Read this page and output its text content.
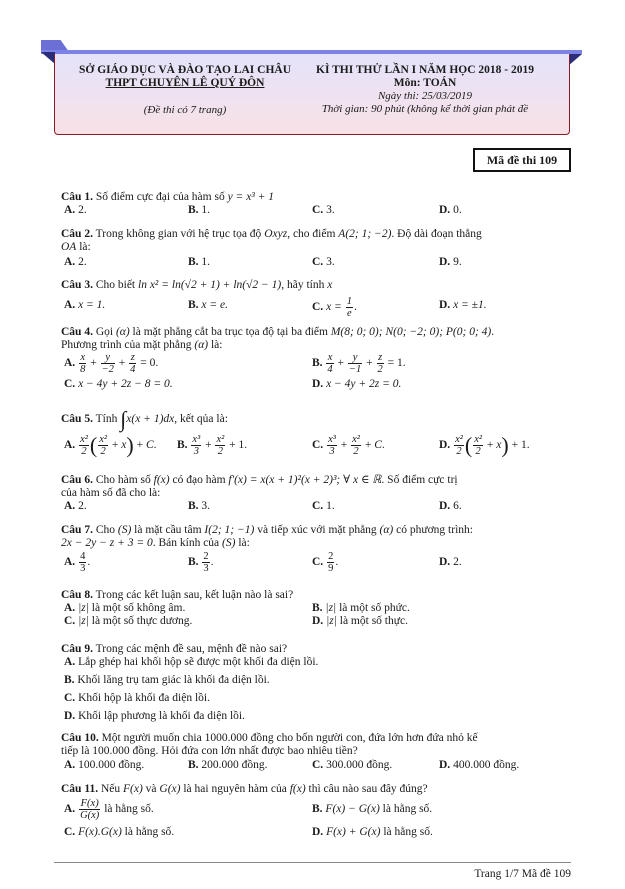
SỞ GIÁO DỤC VÀ ĐÀO TẠO LAI CHÂU
THPT CHUYÊN LÊ QUÝ ĐÔN
(Đề thi có 7 trang)
KÌ THI THỬ LẦN I NĂM HỌC 2018 - 2019
Môn: TOÁN
Ngày thi: 25/03/2019
Thời gian: 90 phút (không kể thời gian phát đề
Mã đề thi 109
Câu 1. Số điểm cực đại của hàm số y = x³ + 1
A. 2.	B. 1.	C. 3.	D. 0.
Câu 2. Trong không gian với hệ trục tọa độ Oxyz, cho điểm A(2; 1; −2). Độ dài đoạn thẳng
OA là:
A. 2.	B. 1.	C. 3.	D. 9.
Câu 3. Cho biết ln x² = ln(√2 + 1) + ln(√2 − 1), hãy tính x
A. x = 1.	B. x = e.	C. $x = \frac{1}{e}$ .	D. x = ±1.
Câu 4. Gọi (α) là mặt phẳng cắt ba trục tọa độ tại ba điểm M(8; 0; 0); N(0; −2; 0); P(0; 0; 4).
Phương trình của mặt phẳng (α) là:
A. $\frac{x}{8} + \frac{y}{-2} + \frac{z}{4} = 0$.	B. $\frac{x}{4} + \frac{y}{-1} + \frac{z}{2} = 1$.
C. x − 4y + 2z − 8 = 0.	D. x − 4y + 2z = 0.
Câu 5. Tính ∫x(x + 1)dx, kết qủa là:
A. $\frac{\text{x²}}{2}$ ( $\frac{\text{x²}}{2} + x) + C$. B. $\frac{\text{x³}}{3} + \frac{\text{x²}}{2} + 1$.	C. $\frac{\text{x³}}{3} + \frac{\text{x²}}{2} + C$.	D. $\frac{\text{x²}}{2}$ ( $\frac{\text{x²}}{2} + x) + 1$.
Câu 6. Cho hàm số f(x) có đạo hàm f′(x) = x(x + 1)²(x + 2)³; ∀ x ∈ ℝ. Số điểm cực trị
của hàm số đã cho là:
A. 2.	B. 3.	C. 1.	D. 6.
Câu 7. Cho (S) là mặt cầu tâm I(2; 1; −1) và tiếp xúc với mặt phẳng (α) có phương trình:
2x − 2y − z + 3 = 0. Bán kính của (S) là:
A. $\frac{4}{3}$ .	B. $\frac{2}{3}$ .	C. $\frac{2}{9}$ .	D. 2.
Câu 8. Trong các kết luận sau, kết luận nào là sai?
A. |z| là một số không âm.	B. |z| là một số phức.
C. |z| là một số thực dương.	D. |z| là một số thực.
Câu 9. Trong các mệnh đề sau, mệnh đề nào sai?
A. Lắp ghép hai khối hộp sẽ được một khối đa diện lồi.
B. Khối lăng trụ tam giác là khối đa diện lồi.
C. Khối hộp là khối đa diện lồi.
D. Khối lập phương là khối đa diện lồi.
Câu 10. Một người muốn chia 1000.000 đồng cho bốn người con, đứa lớn hơn đứa nhỏ kế
tiếp là 100.000 đồng. Hỏi đứa con lớn nhất được bao nhiêu tiền?
A. 100.000 đồng.	B. 200.000 đồng.	C. 300.000 đồng.	D. 400.000 đồng.
Câu 11. Nếu F(x) và G(x) là hai nguyên hàm của f(x) thì câu nào sau đây đúng?
A. $\frac{F(x)}{G(x)}$ là hằng số.	B. F(x) − G(x) là hằng số.
C. F(x).G(x) là hằng số.	D. F(x) + G(x) là hằng số.
Trang 1/7 Mã đề 109
